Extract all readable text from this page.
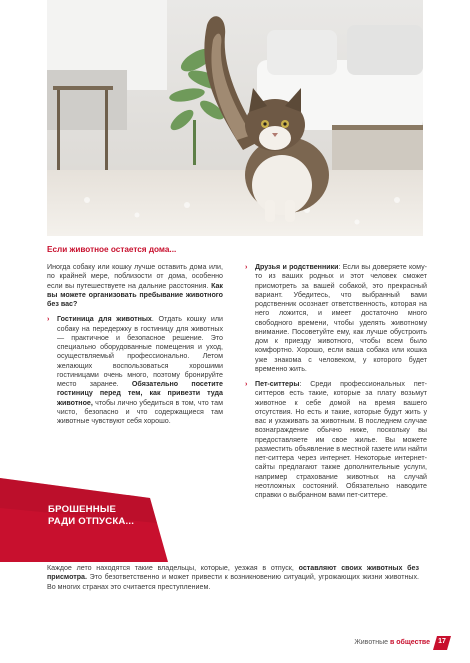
Если животное остается дома...

Иногда собаку или кошку лучше оставить дома или, по крайней мере, поблизости от дома, особенно если вы путешествуете на дальние расстояния. Как вы можете организовать пребывание животного без вас?

› Гостиница для животных. Отдать кошку или собаку на передержку в гостиницу для животных — практичное и безопасное решение. Это специально оборудованные помещения и уход, осуществляемый профессионально. Летом желающих воспользоваться хорошими гостиницами очень много, поэтому бронируйте место заранее. Обязательно посетите гостиницу перед тем, как привезти туда животное, чтобы лично убедиться в том, что там чисто, безопасно и что содержащиеся там животные чувствуют себя хорошо.

› Друзья и родственники: Если вы доверяете кому-то из ваших родных и этот человек сможет присмотреть за вашей собакой, это прекрасный вариант. Убедитесь, что выбранный вами родственник осознает ответственность, которая на него ложится, и имеет достаточно много свободного времени, чтобы уделять животному внимание. Посоветуйте ему, как лучше обустроить дом к приезду животного, чтобы всем было комфортно. Хорошо, если ваша собака или кошка уже знакома с человеком, у которого будет временно жить.

› Пет-ситтеры: Среди профессиональных пет-ситтеров есть такие, которые за плату возьмут животное к себе домой на время вашего отсутствия. Но есть и такие, которые будут жить у вас и ухаживать за животным. В последнем случае вознаграждение обычно ниже, поскольку вы предоставляете им свое жилье. Вы можете разместить объявление в местной газете или найти пет-ситтера через интернет. Некоторые интернет-сайты предлагают также дополнительные услуги, например страхование животных на случай неотложных состояний. Обязательно наводите справки о выбранном вами пет-ситтере.

БРОШЕННЫЕ
РАДИ ОТПУСКА...

Каждое лето находятся такие владельцы, которые, уезжая в отпуск, оставляют своих животных без присмотра. Это безответственно и может привести к возникновению ситуаций, угрожающих жизни животных. Во многих странах это считается преступлением.

Животные в обществе	17
